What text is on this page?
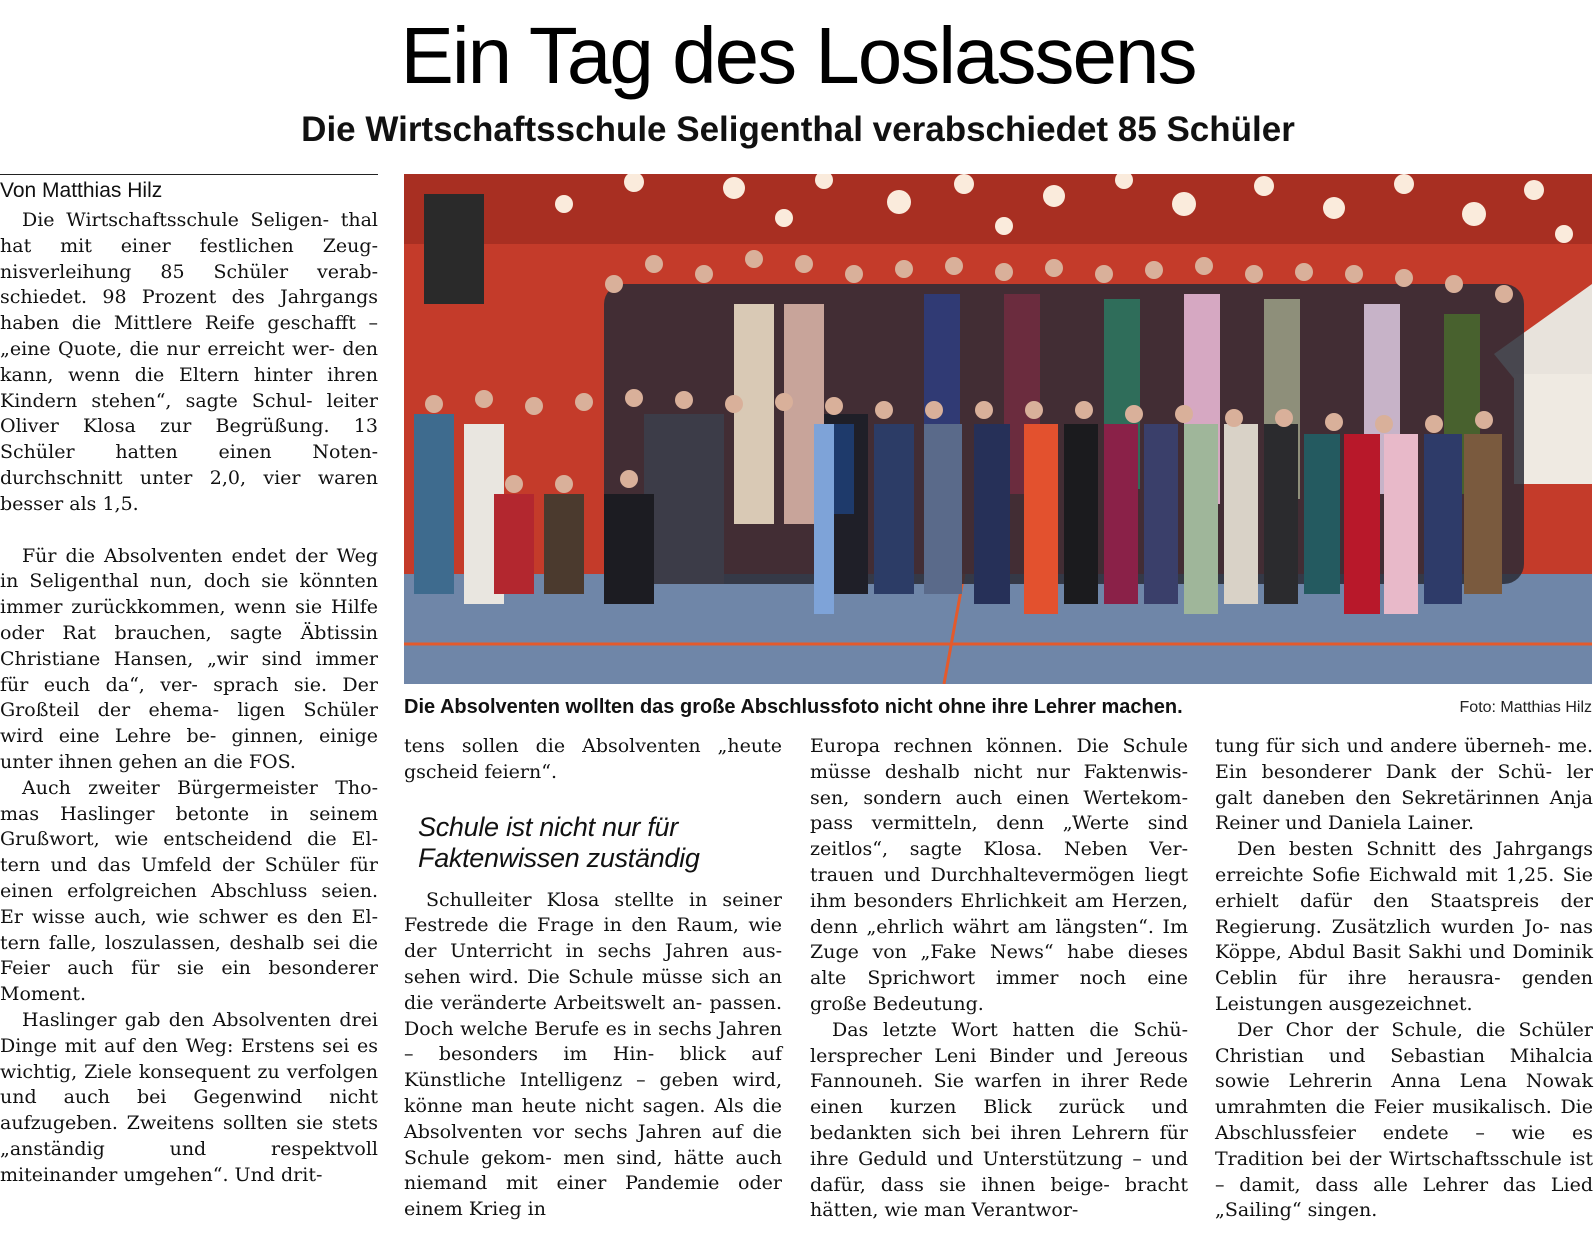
Ein Tag des Loslassens
Die Wirtschaftsschule Seligenthal verabschiedet 85 Schüler
Von Matthias Hilz

Die Wirtschaftsschule Seligen- thal hat mit einer festlichen Zeug- nisverleihung 85 Schüler verab- schiedet. 98 Prozent des Jahrgangs haben die Mittlere Reife geschafft – „eine Quote, die nur erreicht wer- den kann, wenn die Eltern hinter ihren Kindern stehen“, sagte Schul- leiter Oliver Klosa zur Begrüßung. 13 Schüler hatten einen Noten- durchschnitt unter 2,0, vier waren besser als 1,5.

Für die Absolventen endet der Weg in Seligenthal nun, doch sie könnten immer zurückkommen, wenn sie Hilfe oder Rat brauchen, sagte Äbtissin Christiane Hansen, „wir sind immer für euch da“, ver- sprach sie. Der Großteil der ehema- ligen Schüler wird eine Lehre be- ginnen, einige unter ihnen gehen an die FOS.

Auch zweiter Bürgermeister Tho- mas Haslinger betonte in seinem Grußwort, wie entscheidend die El- tern und das Umfeld der Schüler für einen erfolgreichen Abschluss seien. Er wisse auch, wie schwer es den El- tern falle, loszulassen, deshalb sei die Feier auch für sie ein besonderer Moment.

Haslinger gab den Absolventen drei Dinge mit auf den Weg: Erstens sei es wichtig, Ziele konsequent zu verfolgen und auch bei Gegenwind nicht aufzugeben. Zweitens sollten sie stets „anständig und respektvoll miteinander umgehen“. Und drit-

Die Absolventen wollten das große Abschlussfoto nicht ohne ihre Lehrer machen.	Foto: Matthias Hilz

tens sollen die Absolventen „heute gscheid feiern“.

Schule ist nicht nur für Faktenwissen zuständig

Schulleiter Klosa stellte in seiner Festrede die Frage in den Raum, wie der Unterricht in sechs Jahren aus- sehen wird. Die Schule müsse sich an die veränderte Arbeitswelt an- passen. Doch welche Berufe es in sechs Jahren – besonders im Hin- blick auf Künstliche Intelligenz – geben wird, könne man heute nicht sagen. Als die Absolventen vor sechs Jahren auf die Schule gekom- men sind, hätte auch niemand mit einer Pandemie oder einem Krieg in

Europa rechnen können. Die Schule müsse deshalb nicht nur Faktenwis- sen, sondern auch einen Wertekom- pass vermitteln, denn „Werte sind zeitlos“, sagte Klosa. Neben Ver- trauen und Durchhaltevermögen liegt ihm besonders Ehrlichkeit am Herzen, denn „ehrlich währt am längsten“. Im Zuge von „Fake News“ habe dieses alte Sprichwort immer noch eine große Bedeutung.

Das letzte Wort hatten die Schü- lersprecher Leni Binder und Jereous Fannouneh. Sie warfen in ihrer Rede einen kurzen Blick zurück und bedankten sich bei ihren Lehrern für ihre Geduld und Unterstützung – und dafür, dass sie ihnen beige- bracht hätten, wie man Verantwor-

tung für sich und andere überneh- me. Ein besonderer Dank der Schü- ler galt daneben den Sekretärinnen Anja Reiner und Daniela Lainer.

Den besten Schnitt des Jahrgangs erreichte Sofie Eichwald mit 1,25. Sie erhielt dafür den Staatspreis der Regierung. Zusätzlich wurden Jo- nas Köppe, Abdul Basit Sakhi und Dominik Ceblin für ihre herausra- genden Leistungen ausgezeichnet.

Der Chor der Schule, die Schüler Christian und Sebastian Mihalcia sowie Lehrerin Anna Lena Nowak umrahmten die Feier musikalisch. Die Abschlussfeier endete – wie es Tradition bei der Wirtschaftsschule ist – damit, dass alle Lehrer das Lied „Sailing“ singen.
